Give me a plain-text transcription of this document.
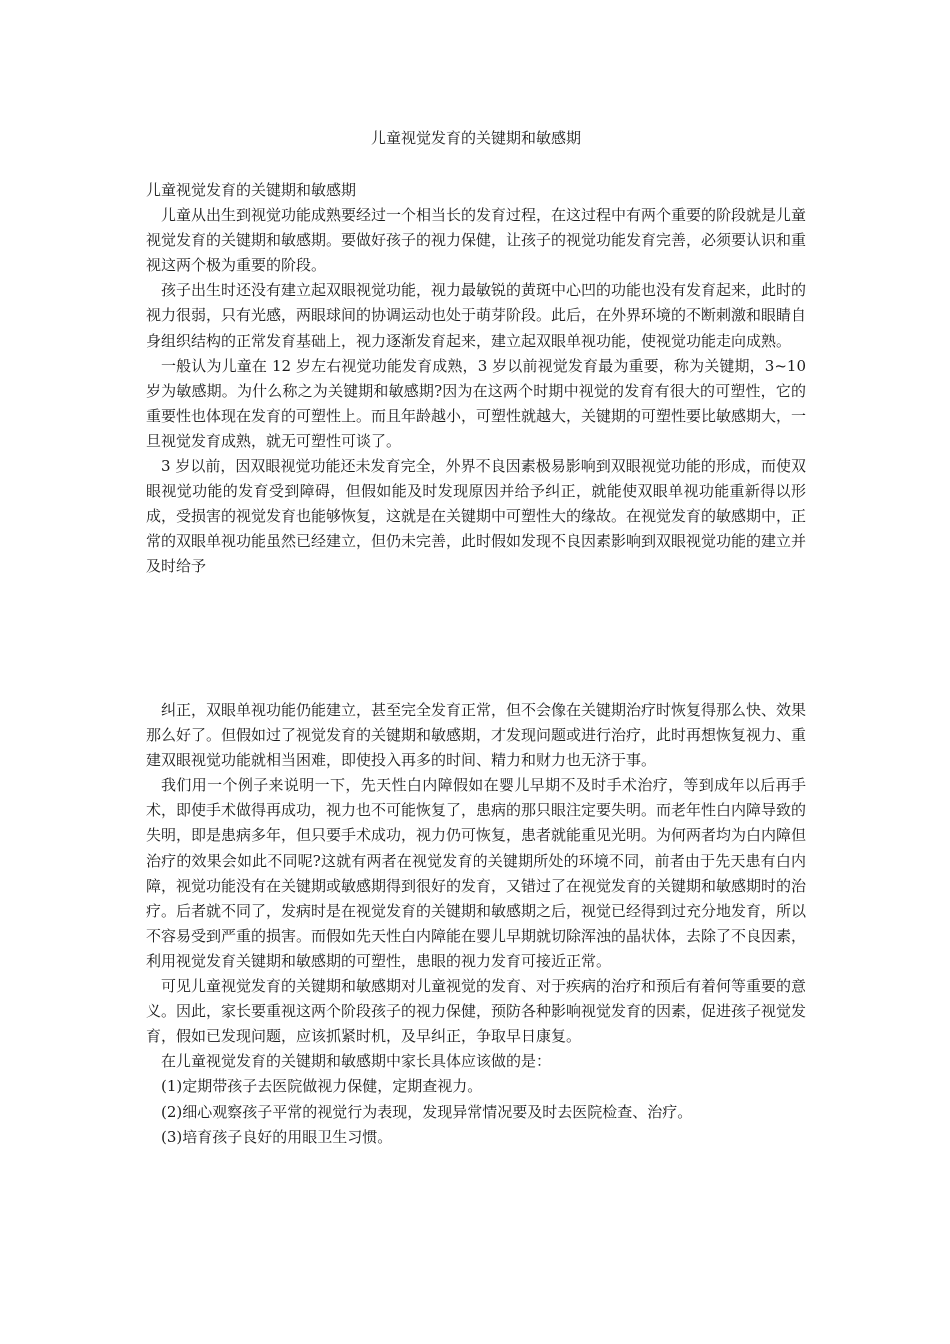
儿童视觉发育的关键期和敏感期

儿童视觉发育的关键期和敏感期

儿童从出生到视觉功能成熟要经过一个相当长的发育过程，在这过程中有两个重要的阶段就是儿童视觉发育的关键期和敏感期。要做好孩子的视力保健，让孩子的视觉功能发育完善，必须要认识和重视这两个极为重要的阶段。

孩子出生时还没有建立起双眼视觉功能，视力最敏锐的黄斑中心凹的功能也没有发育起来，此时的视力很弱，只有光感，两眼球间的协调运动也处于萌芽阶段。此后，在外界环境的不断刺激和眼睛自身组织结构的正常发育基础上，视力逐渐发育起来，建立起双眼单视功能，使视觉功能走向成熟。

一般认为儿童在 12 岁左右视觉功能发育成熟，3 岁以前视觉发育最为重要，称为关键期，3~10 岁为敏感期。为什么称之为关键期和敏感期?因为在这两个时期中视觉的发育有很大的可塑性，它的重要性也体现在发育的可塑性上。而且年龄越小，可塑性就越大，关键期的可塑性要比敏感期大，一旦视觉发育成熟，就无可塑性可谈了。

3 岁以前，因双眼视觉功能还未发育完全，外界不良因素极易影响到双眼视觉功能的形成，而使双眼视觉功能的发育受到障碍，但假如能及时发现原因并给予纠正，就能使双眼单视功能重新得以形成，受损害的视觉发育也能够恢复，这就是在关键期中可塑性大的缘故。在视觉发育的敏感期中，正常的双眼单视功能虽然已经建立，但仍未完善，此时假如发现不良因素影响到双眼视觉功能的建立并及时给予

纠正，双眼单视功能仍能建立，甚至完全发育正常，但不会像在关键期治疗时恢复得那么快、效果那么好了。但假如过了视觉发育的关键期和敏感期，才发现问题或进行治疗，此时再想恢复视力、重建双眼视觉功能就相当困难，即使投入再多的时间、精力和财力也无济于事。

我们用一个例子来说明一下，先天性白内障假如在婴儿早期不及时手术治疗，等到成年以后再手术，即使手术做得再成功，视力也不可能恢复了，患病的那只眼注定要失明。而老年性白内障导致的失明，即是患病多年，但只要手术成功，视力仍可恢复，患者就能重见光明。为何两者均为白内障但治疗的效果会如此不同呢?这就有两者在视觉发育的关键期所处的环境不同，前者由于先天患有白内障，视觉功能没有在关键期或敏感期得到很好的发育，又错过了在视觉发育的关键期和敏感期时的治疗。后者就不同了，发病时是在视觉发育的关键期和敏感期之后，视觉已经得到过充分地发育，所以不容易受到严重的损害。而假如先天性白内障能在婴儿早期就切除浑浊的晶状体，去除了不良因素，利用视觉发育关键期和敏感期的可塑性，患眼的视力发育可接近正常。

可见儿童视觉发育的关键期和敏感期对儿童视觉的发育、对于疾病的治疗和预后有着何等重要的意义。因此，家长要重视这两个阶段孩子的视力保健，预防各种影响视觉发育的因素，促进孩子视觉发育，假如已发现问题，应该抓紧时机，及早纠正，争取早日康复。

在儿童视觉发育的关键期和敏感期中家长具体应该做的是：

(1)定期带孩子去医院做视力保健，定期查视力。

(2)细心观察孩子平常的视觉行为表现，发现异常情况要及时去医院检查、治疗。

(3)培育孩子良好的用眼卫生习惯。
